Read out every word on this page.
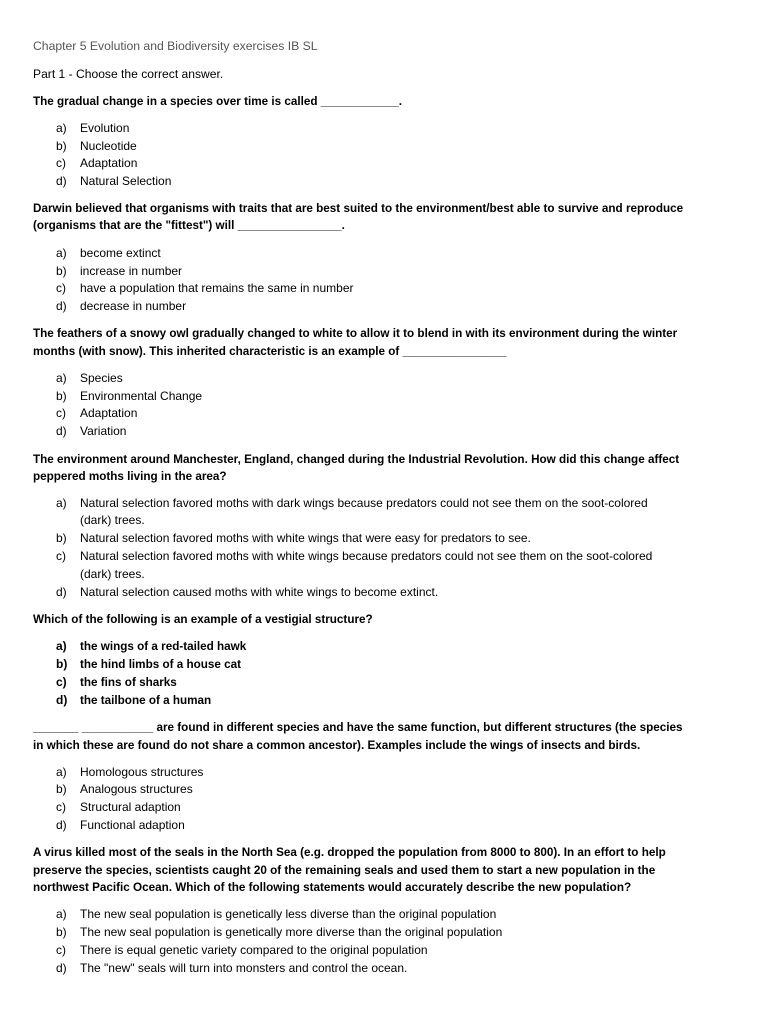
Chapter 5 Evolution and Biodiversity exercises IB SL
Part 1 - Choose the correct answer.
The gradual change in a species over time is called ____________.
a) Evolution
b) Nucleotide
c) Adaptation
d) Natural Selection
Darwin believed that organisms with traits that are best suited to the environment/best able to survive and reproduce
(organisms that are the "fittest") will ________________.
a) become extinct
b) increase in number
c) have a population that remains the same in number
d) decrease in number
The feathers of a snowy owl gradually changed to white to allow it to blend in with its environment during the winter
months (with snow). This inherited characteristic is an example of ________________
a) Species
b) Environmental Change
c) Adaptation
d) Variation
The environment around Manchester, England, changed during the Industrial Revolution. How did this change affect
peppered moths living in the area?
a) Natural selection favored moths with dark wings because predators could not see them on the soot-colored
(dark) trees.
b) Natural selection favored moths with white wings that were easy for predators to see.
c) Natural selection favored moths with white wings because predators could not see them on the soot-colored
(dark) trees.
d) Natural selection caused moths with white wings to become extinct.
Which of the following is an example of a vestigial structure?
a) the wings of a red-tailed hawk
b) the hind limbs of a house cat
c) the fins of sharks
d) the tailbone of a human
_______ ___________ are found in different species and have the same function, but different structures (the species
in which these are found do not share a common ancestor). Examples include the wings of insects and birds.
a) Homologous structures
b) Analogous structures
c) Structural adaption
d) Functional adaption
A virus killed most of the seals in the North Sea (e.g. dropped the population from 8000 to 800). In an effort to help
preserve the species, scientists caught 20 of the remaining seals and used them to start a new population in the
northwest Pacific Ocean. Which of the following statements would accurately describe the new population?
a) The new seal population is genetically less diverse than the original population
b) The new seal population is genetically more diverse than the original population
c) There is equal genetic variety compared to the original population
d) The "new" seals will turn into monsters and control the ocean.
